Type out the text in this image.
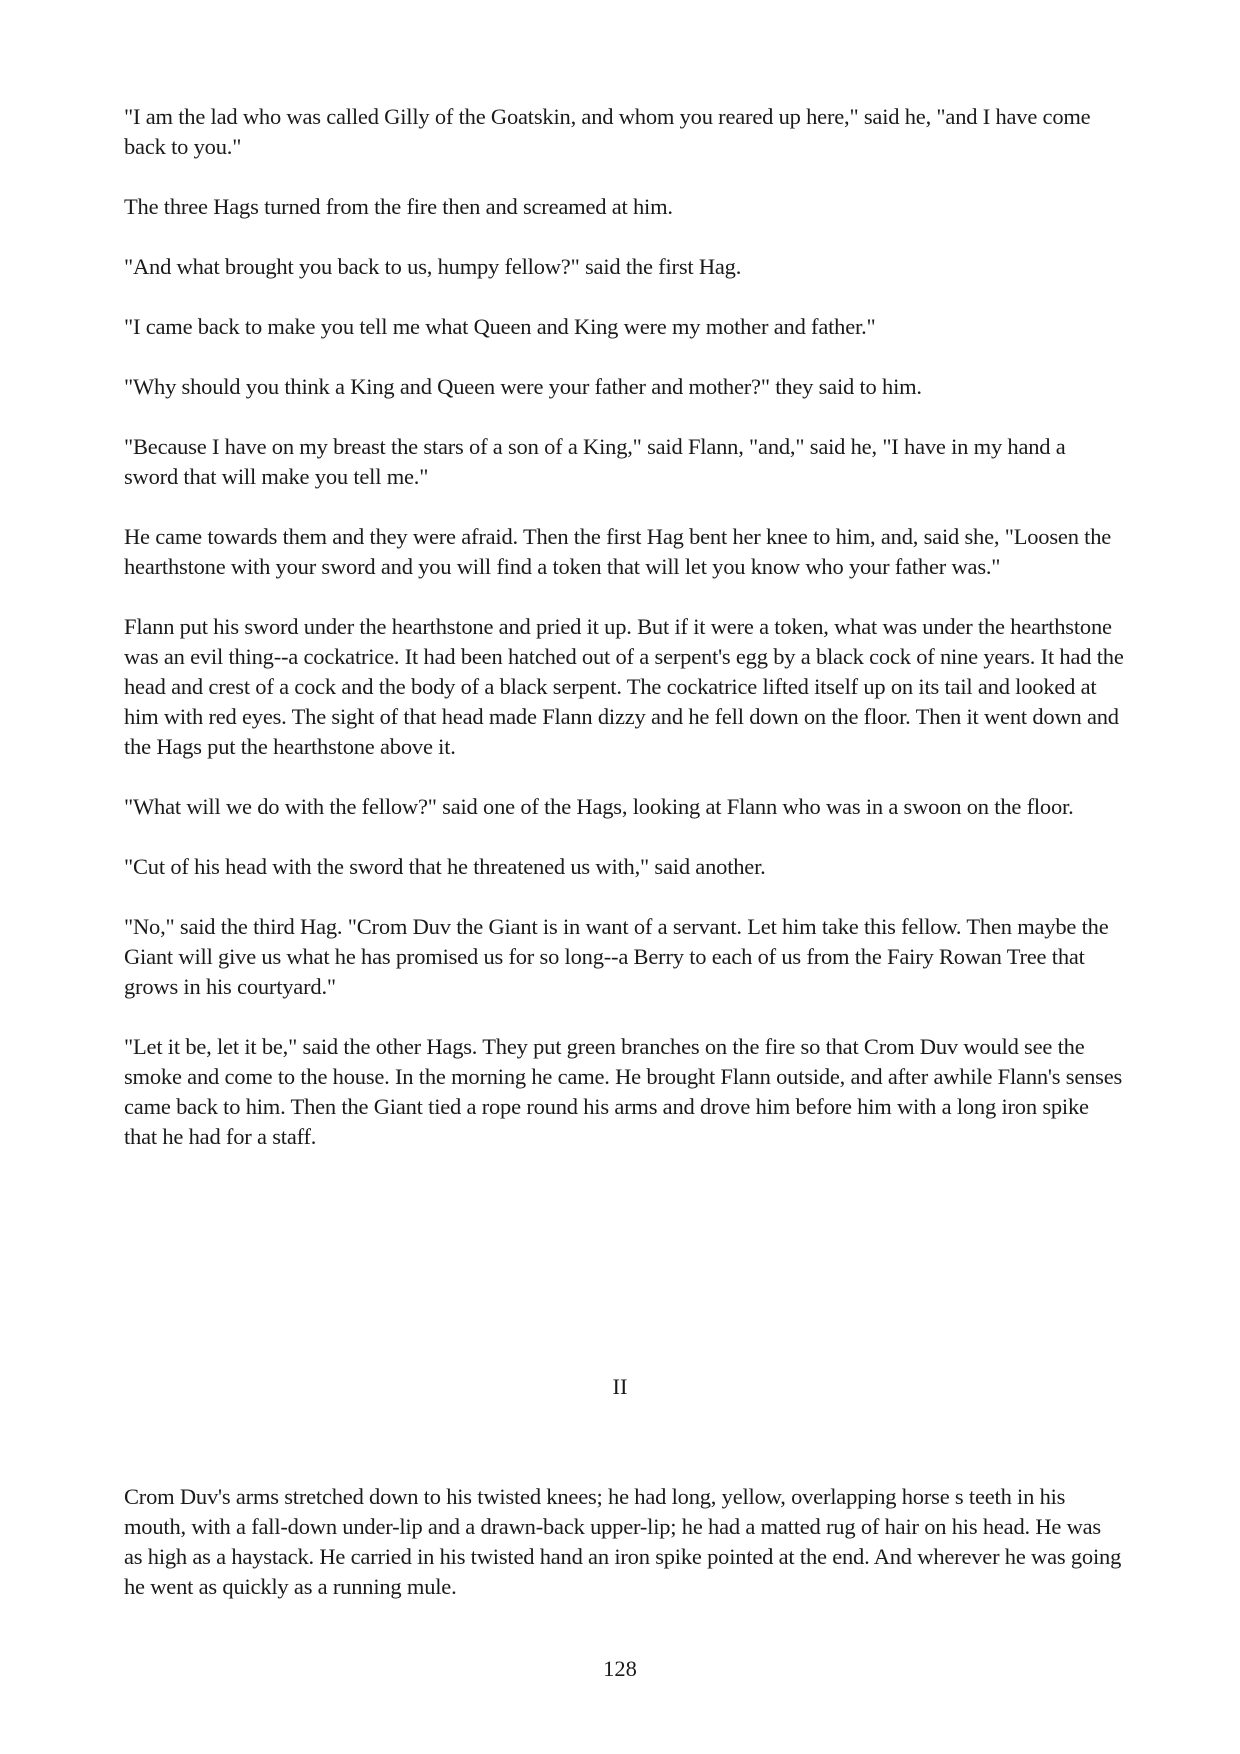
"I am the lad who was called Gilly of the Goatskin, and whom you reared up here," said he, "and I have come back to you."

The three Hags turned from the fire then and screamed at him.

"And what brought you back to us, humpy fellow?" said the first Hag.

"I came back to make you tell me what Queen and King were my mother and father."

"Why should you think a King and Queen were your father and mother?" they said to him.

"Because I have on my breast the stars of a son of a King," said Flann, "and," said he, "I have in my hand a sword that will make you tell me."

He came towards them and they were afraid. Then the first Hag bent her knee to him, and, said she, "Loosen the hearthstone with your sword and you will find a token that will let you know who your father was."

Flann put his sword under the hearthstone and pried it up. But if it were a token, what was under the hearthstone was an evil thing--a cockatrice. It had been hatched out of a serpent's egg by a black cock of nine years. It had the head and crest of a cock and the body of a black serpent. The cockatrice lifted itself up on its tail and looked at him with red eyes. The sight of that head made Flann dizzy and he fell down on the floor. Then it went down and the Hags put the hearthstone above it.

"What will we do with the fellow?" said one of the Hags, looking at Flann who was in a swoon on the floor.

"Cut of his head with the sword that he threatened us with," said another.

"No," said the third Hag. "Crom Duv the Giant is in want of a servant. Let him take this fellow. Then maybe the Giant will give us what he has promised us for so long--a Berry to each of us from the Fairy Rowan Tree that grows in his courtyard."

"Let it be, let it be," said the other Hags. They put green branches on the fire so that Crom Duv would see the smoke and come to the house. In the morning he came. He brought Flann outside, and after awhile Flann's senses came back to him. Then the Giant tied a rope round his arms and drove him before him with a long iron spike that he had for a staff.

II

Crom Duv's arms stretched down to his twisted knees; he had long, yellow, overlapping horse s teeth in his mouth, with a fall-down under-lip and a drawn-back upper-lip; he had a matted rug of hair on his head. He was as high as a haystack. He carried in his twisted hand an iron spike pointed at the end. And wherever he was going he went as quickly as a running mule.

128
